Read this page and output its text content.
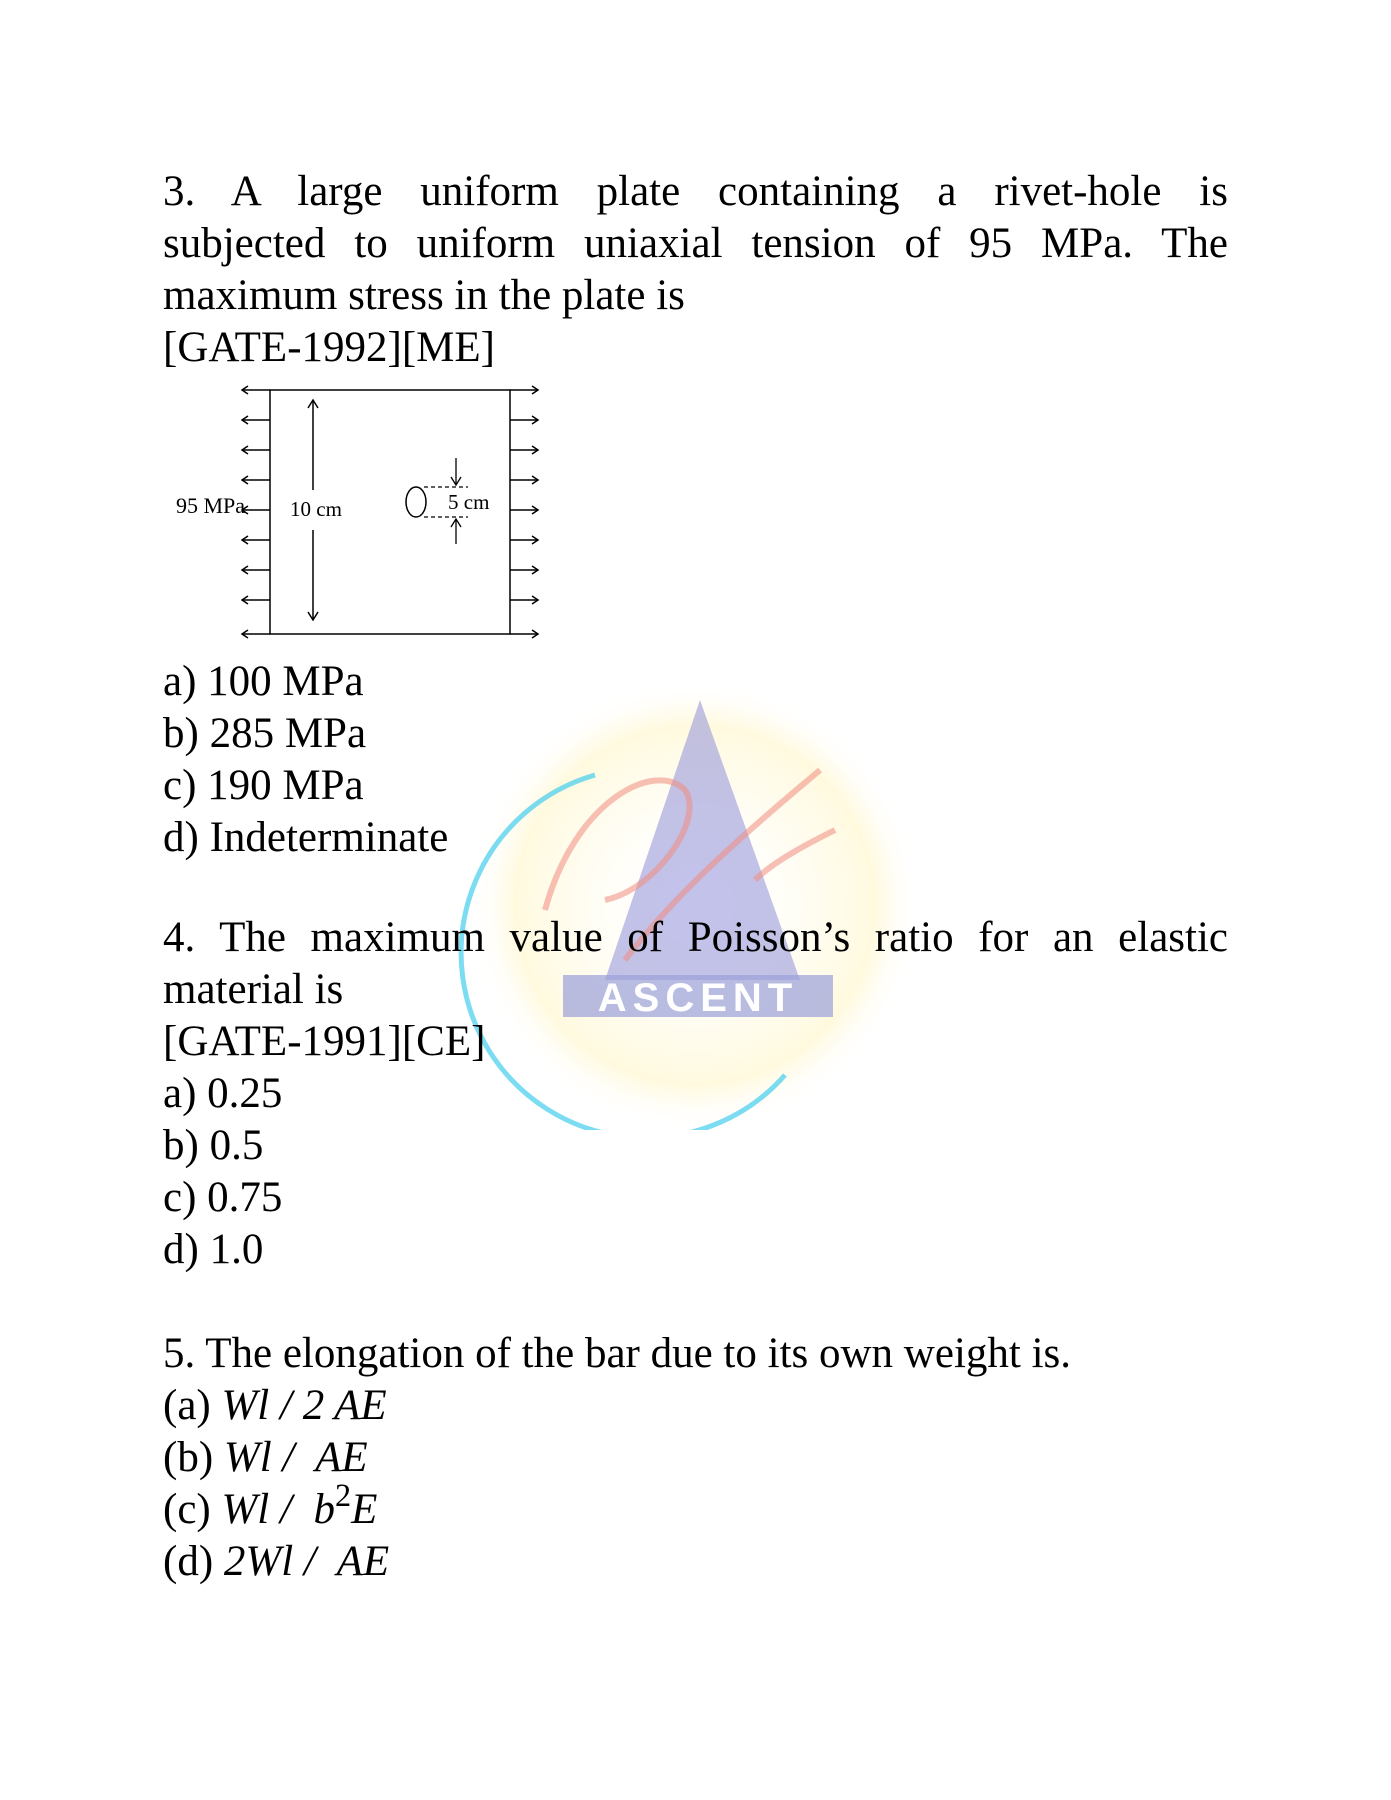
ASCENT

3. A large uniform plate containing a rivet-hole is

subjected to uniform uniaxial tension of 95 MPa. The

maximum stress in the plate is

[GATE-1992][ME]

95 MPa 10 cm	5 cm
a) 100 MPa
b) 285 MPa
c) 190 MPa
d) Indeterminate

4. The maximum value of Poisson’s ratio for an elastic

material is

[GATE-1991][CE]

a) 0.25
b) 0.5
c) 0.75
d) 1.0

5. The elongation of the bar due to its own weight is.

(a) Wl / 2 AE
(b) Wl /  AE
(c) Wl /  $b^2E$
(d) 2Wl /  AE
